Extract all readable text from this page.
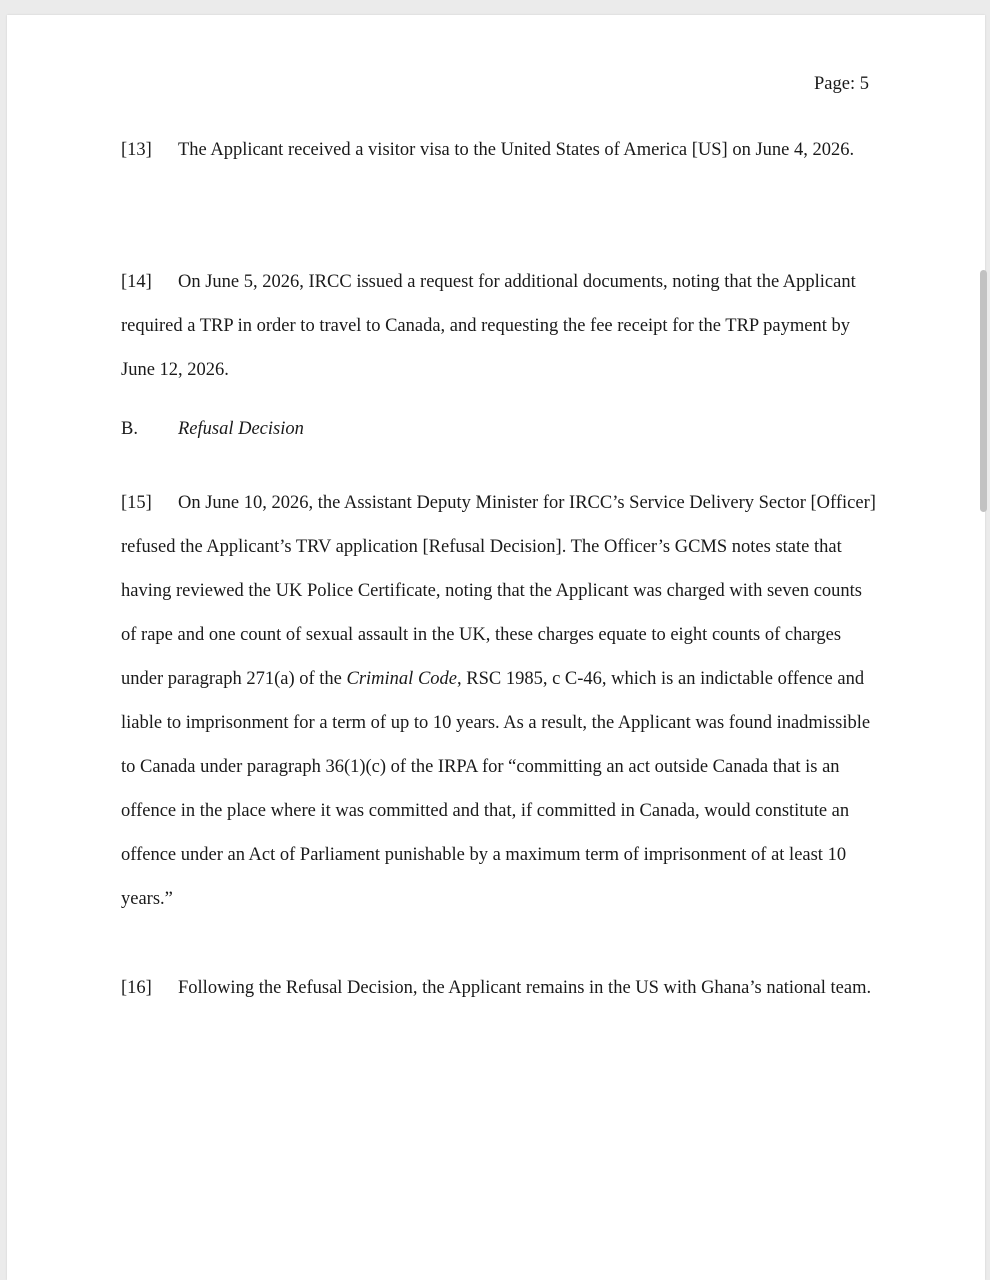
Page: 5

[13] The Applicant received a visitor visa to the United States of America [US] on June 4, 2026.

[14] On June 5, 2026, IRCC issued a request for additional documents, noting that the Applicant required a TRP in order to travel to Canada, and requesting the fee receipt for the TRP payment by June 12, 2026.

B. Refusal Decision

[15] On June 10, 2026, the Assistant Deputy Minister for IRCC’s Service Delivery Sector [Officer] refused the Applicant’s TRV application [Refusal Decision]. The Officer’s GCMS notes state that having reviewed the UK Police Certificate, noting that the Applicant was charged with seven counts of rape and one count of sexual assault in the UK, these charges equate to eight counts of charges under paragraph 271(a) of the Criminal Code, RSC 1985, c C-46, which is an indictable offence and liable to imprisonment for a term of up to 10 years. As a result, the Applicant was found inadmissible to Canada under paragraph 36(1)(c) of the IRPA for “committing an act outside Canada that is an offence in the place where it was committed and that, if committed in Canada, would constitute an offence under an Act of Parliament punishable by a maximum term of imprisonment of at least 10 years.”

[16] Following the Refusal Decision, the Applicant remains in the US with Ghana’s national team.
